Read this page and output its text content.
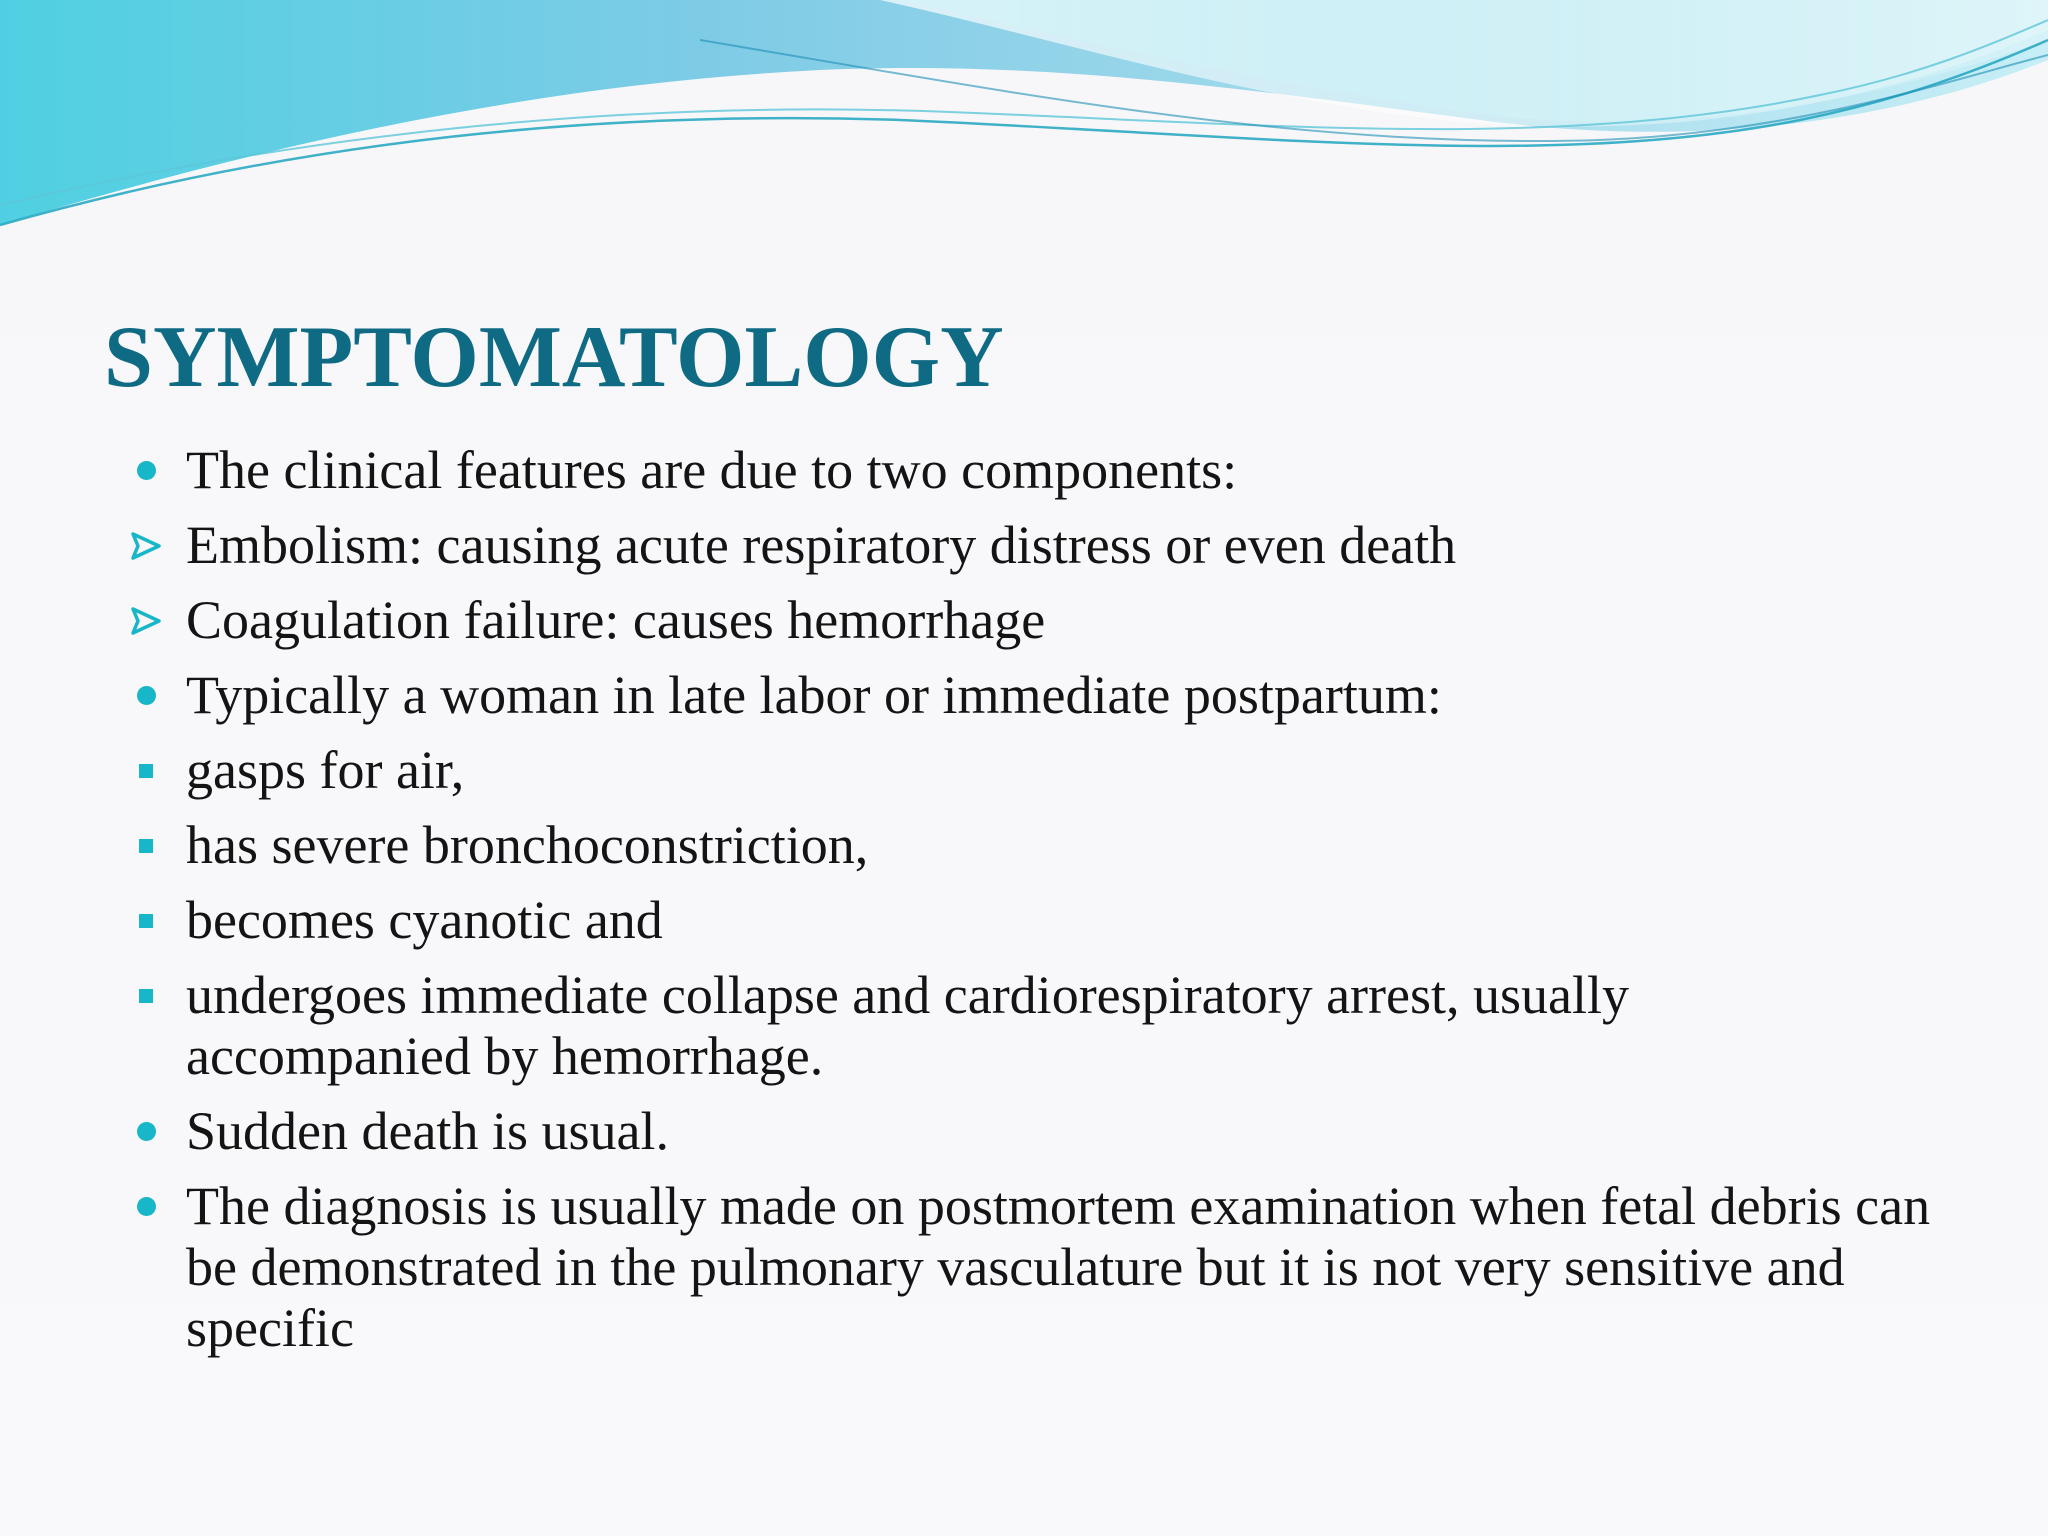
SYMPTOMATOLOGY
The clinical features are due to two components:
Embolism: causing acute respiratory distress or even death
Coagulation failure: causes hemorrhage
Typically a woman in late labor or immediate postpartum:
gasps for air,
has severe bronchoconstriction,
becomes cyanotic and
undergoes immediate collapse and cardiorespiratory arrest, usually accompanied by hemorrhage.
Sudden death is usual.
The diagnosis is usually made on postmortem examination when fetal debris can be demonstrated in the pulmonary vasculature but it is not very sensitive and specific
